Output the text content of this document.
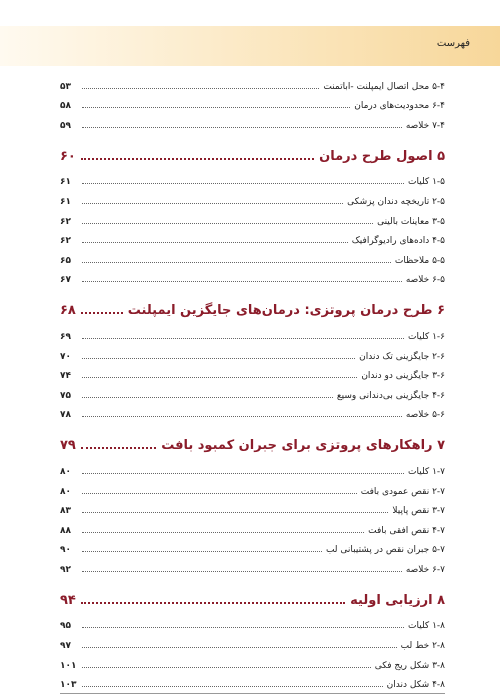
فهرست
۵-۴ محل اتصال ایمپلنت -اباتمنت
۵۳
۶-۴ محدودیت‌های درمان
۵۸
۷-۴ خلاصه
۵۹
۵ اصول طرح درمان
۶۰
۱-۵ کلیات
۶۱
۲-۵ تاریخچه دندان پزشکی
۶۱
۳-۵ معاینات بالینی
۶۲
۴-۵ داده‌های رادیوگرافیک
۶۲
۵-۵ ملاحظات
۶۵
۶-۵ خلاصه
۶۷
۶ طرح درمان پروتزی: درمان‌های جایگزین ایمپلنت
۶۸
۱-۶ کلیات
۶۹
۲-۶ جایگزینی تک دندان
۷۰
۳-۶ جایگزینی دو دندان
۷۴
۴-۶ جایگزینی بی‌دندانی وسیع
۷۵
۵-۶ خلاصه
۷۸
۷ راهکارهای پروتزی برای جبران کمبود بافت
۷۹
۱-۷ کلیات
۸۰
۲-۷ نقص عمودی بافت
۸۰
۳-۷ نقص پاپیلا
۸۳
۴-۷ نقص افقی بافت
۸۸
۵-۷ جبران نقص در پشتیبانی لب
۹۰
۶-۷ خلاصه
۹۲
۸ ارزیابی اولیه
۹۴
۱-۸ کلیات
۹۵
۲-۸ خط لب
۹۷
۳-۸ شکل ریج فکی
۱۰۱
۴-۸ شکل دندان
۱۰۳
